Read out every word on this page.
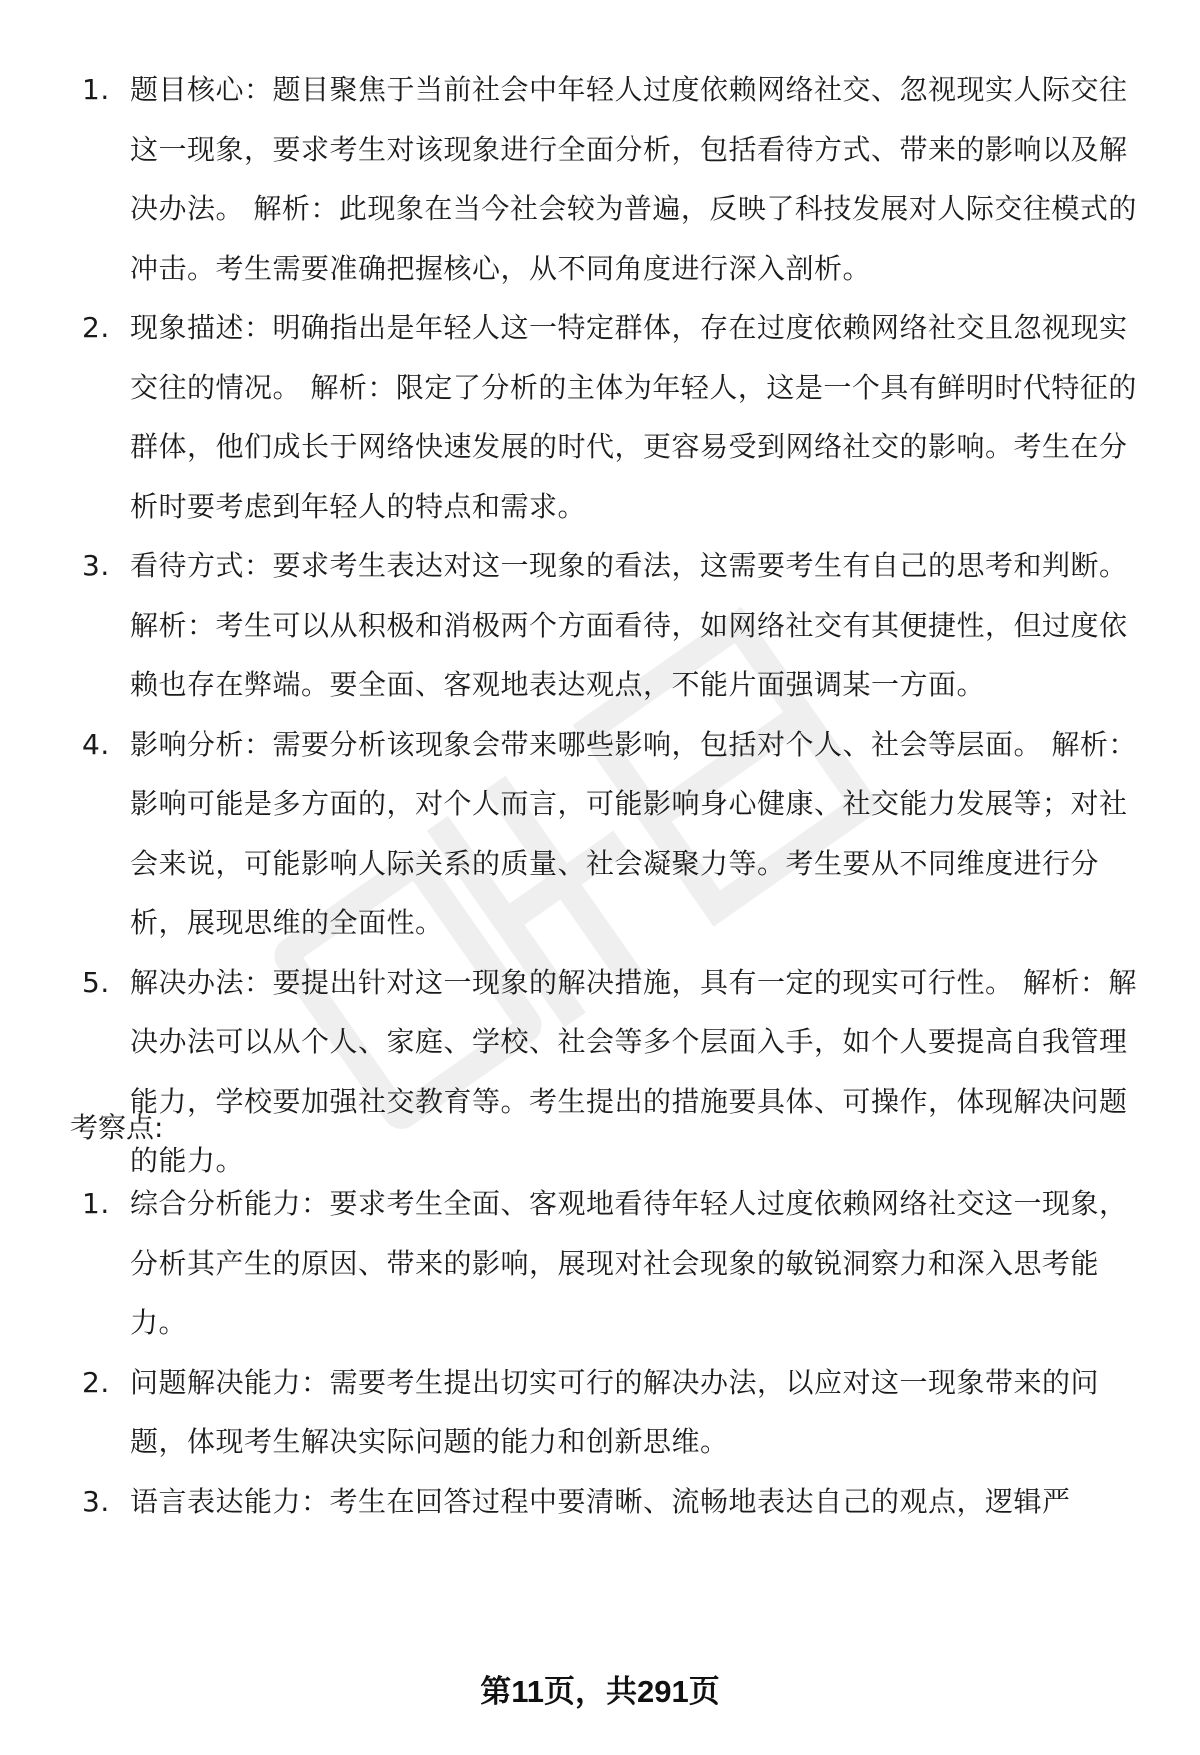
1. 题目核心：题目聚焦于当前社会中年轻人过度依赖网络社交、忽视现实人际交往这一现象，要求考生对该现象进行全面分析，包括看待方式、带来的影响以及解决办法。 解析：此现象在当今社会较为普遍，反映了科技发展对人际交往模式的冲击。考生需要准确把握核心，从不同角度进行深入剖析。
2. 现象描述：明确指出是年轻人这一特定群体，存在过度依赖网络社交且忽视现实交往的情况。 解析：限定了分析的主体为年轻人，这是一个具有鲜明时代特征的群体，他们成长于网络快速发展的时代，更容易受到网络社交的影响。考生在分析时要考虑到年轻人的特点和需求。
3. 看待方式：要求考生表达对这一现象的看法，这需要考生有自己的思考和判断。 解析：考生可以从积极和消极两个方面看待，如网络社交有其便捷性，但过度依赖也存在弊端。要全面、客观地表达观点，不能片面强调某一方面。
4. 影响分析：需要分析该现象会带来哪些影响，包括对个人、社会等层面。 解析：影响可能是多方面的，对个人而言，可能影响身心健康、社交能力发展等；对社会来说，可能影响人际关系的质量、社会凝聚力等。考生要从不同维度进行分析，展现思维的全面性。
5. 解决办法：要提出针对这一现象的解决措施，具有一定的现实可行性。 解析：解决办法可以从个人、家庭、学校、社会等多个层面入手，如个人要提高自我管理能力，学校要加强社交教育等。考生提出的措施要具体、可操作，体现解决问题的能力。
考察点:
1. 综合分析能力：要求考生全面、客观地看待年轻人过度依赖网络社交这一现象，分析其产生的原因、带来的影响，展现对社会现象的敏锐洞察力和深入思考能力。
2. 问题解决能力：需要考生提出切实可行的解决办法，以应对这一现象带来的问题，体现考生解决实际问题的能力和创新思维。
3. 语言表达能力：考生在回答过程中要清晰、流畅地表达自己的观点，逻辑严
第11页，共291页
